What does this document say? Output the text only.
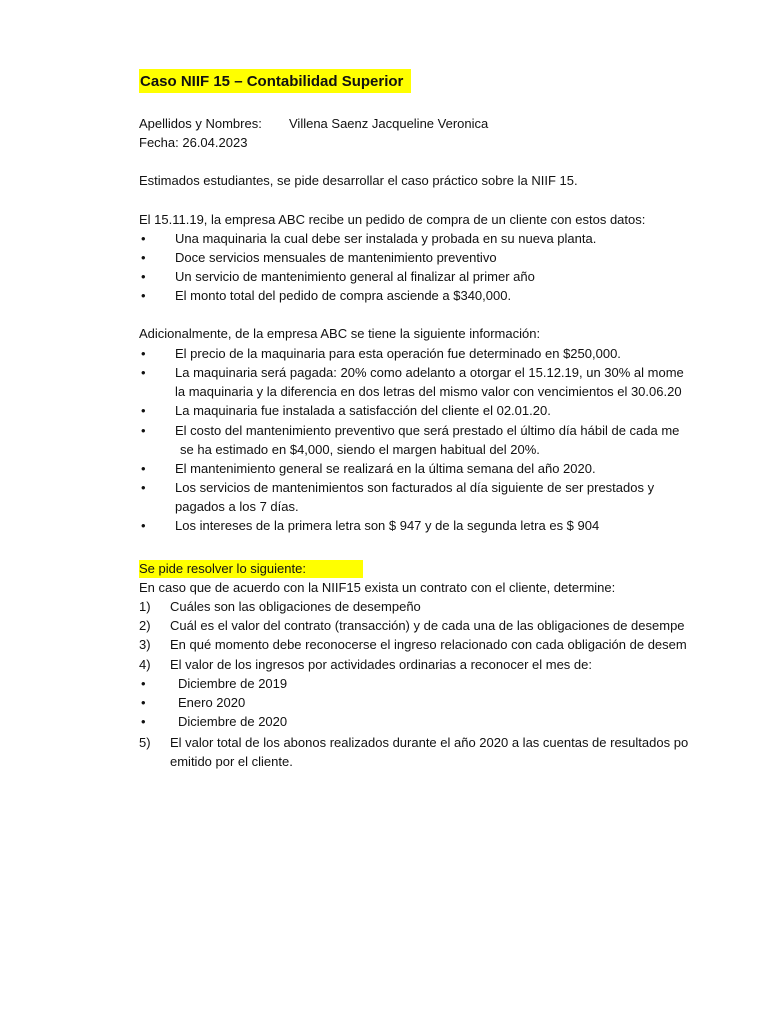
Caso NIIF 15 – Contabilidad Superior
Apellidos y Nombres: Villena Saenz Jacqueline Veronica
Fecha: 26.04.2023
Estimados estudiantes, se pide desarrollar el caso práctico sobre la NIIF 15.
El 15.11.19, la empresa ABC recibe un pedido de compra de un cliente con estos datos:
• Una maquinaria la cual debe ser instalada y probada en su nueva planta.
• Doce servicios mensuales de mantenimiento preventivo
• Un servicio de mantenimiento general al finalizar al primer año
• El monto total del pedido de compra asciende a $340,000.
Adicionalmente, de la empresa ABC se tiene la siguiente información:
• El precio de la maquinaria para esta operación fue determinado en $250,000.
• La maquinaria será pagada: 20% como adelanto a otorgar el 15.12.19, un 30% al mome
la maquinaria y la diferencia en dos letras del mismo valor con vencimientos el 30.06.20
• La maquinaria fue instalada a satisfacción del cliente el 02.01.20.
• El costo del mantenimiento preventivo que será prestado el último día hábil de cada me
se ha estimado en $4,000, siendo el margen habitual del 20%.
• El mantenimiento general se realizará en la última semana del año 2020.
• Los servicios de mantenimientos son facturados al día siguiente de ser prestados y
pagados a los 7 días.
• Los intereses de la primera letra son $ 947 y de la segunda letra es $ 904
Se pide resolver lo siguiente:
En caso que de acuerdo con la NIIF15 exista un contrato con el cliente, determine:
1) Cuáles son las obligaciones de desempeño
2) Cuál es el valor del contrato (transacción) y de cada una de las obligaciones de desempe
3) En qué momento debe reconocerse el ingreso relacionado con cada obligación de desem
4) El valor de los ingresos por actividades ordinarias a reconocer el mes de:
• Diciembre de 2019
• Enero 2020
• Diciembre de 2020
5) El valor total de los abonos realizados durante el año 2020 a las cuentas de resultados po
emitido por el cliente.
